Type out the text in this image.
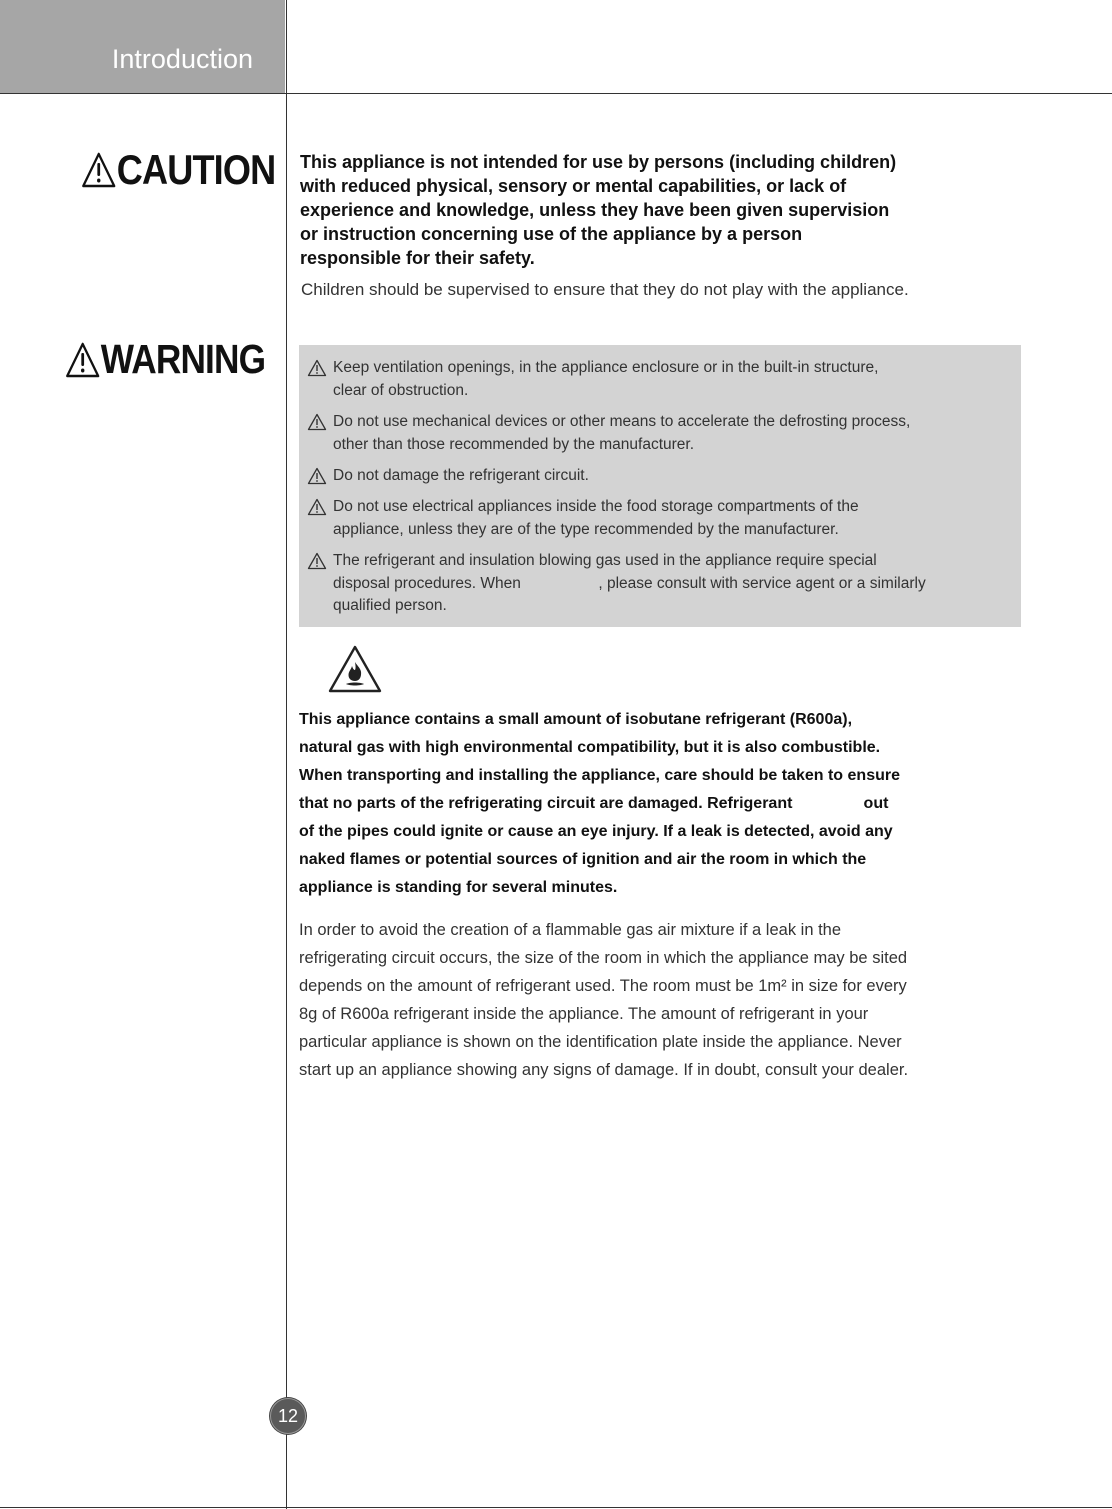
Introduction
CAUTION This appliance is not intended for use by persons (including children)

with reduced physical, sensory or mental capabilities, or lack of

experience and knowledge, unless they have been given supervision

or instruction concerning use of the appliance by a person

responsible for their safety.

Children should be supervised to ensure that they do not play with the appliance.
WARNING	Keep ventilation openings, in the appliance enclosure or in the built-in structure,
clear of obstruction.
Do not use mechanical devices or other means to accelerate the defrosting process,
other than those recommended by the manufacturer.
Do not damage the refrigerant circuit.
Do not use electrical appliances inside the food storage compartments of the
appliance, unless they are of the type recommended by the manufacturer.
The refrigerant and insulation blowing gas used in the appliance require special
disposal procedures. When                  , please consult with service agent or a similarly
qualified person.
This appliance contains a small amount of isobutane refrigerant (R600a),
natural gas with high environmental compatibility, but it is also combustible.
When transporting and installing the appliance, care should be taken to ensure
that no parts of the refrigerating circuit are damaged. Refrigerant                out
of the pipes could ignite or cause an eye injury. If a leak is detected, avoid any
naked flames or potential sources of ignition and air the room in which the
appliance is standing for several minutes.
In order to avoid the creation of a flammable gas air mixture if a leak in the
refrigerating circuit occurs, the size of the room in which the appliance may be sited
depends on the amount of refrigerant used. The room must be 1m² in size for every
8g of R600a refrigerant inside the appliance. The amount of refrigerant in your
particular appliance is shown on the identification plate inside the appliance. Never
start up an appliance showing any signs of damage. If in doubt, consult your dealer.
12
